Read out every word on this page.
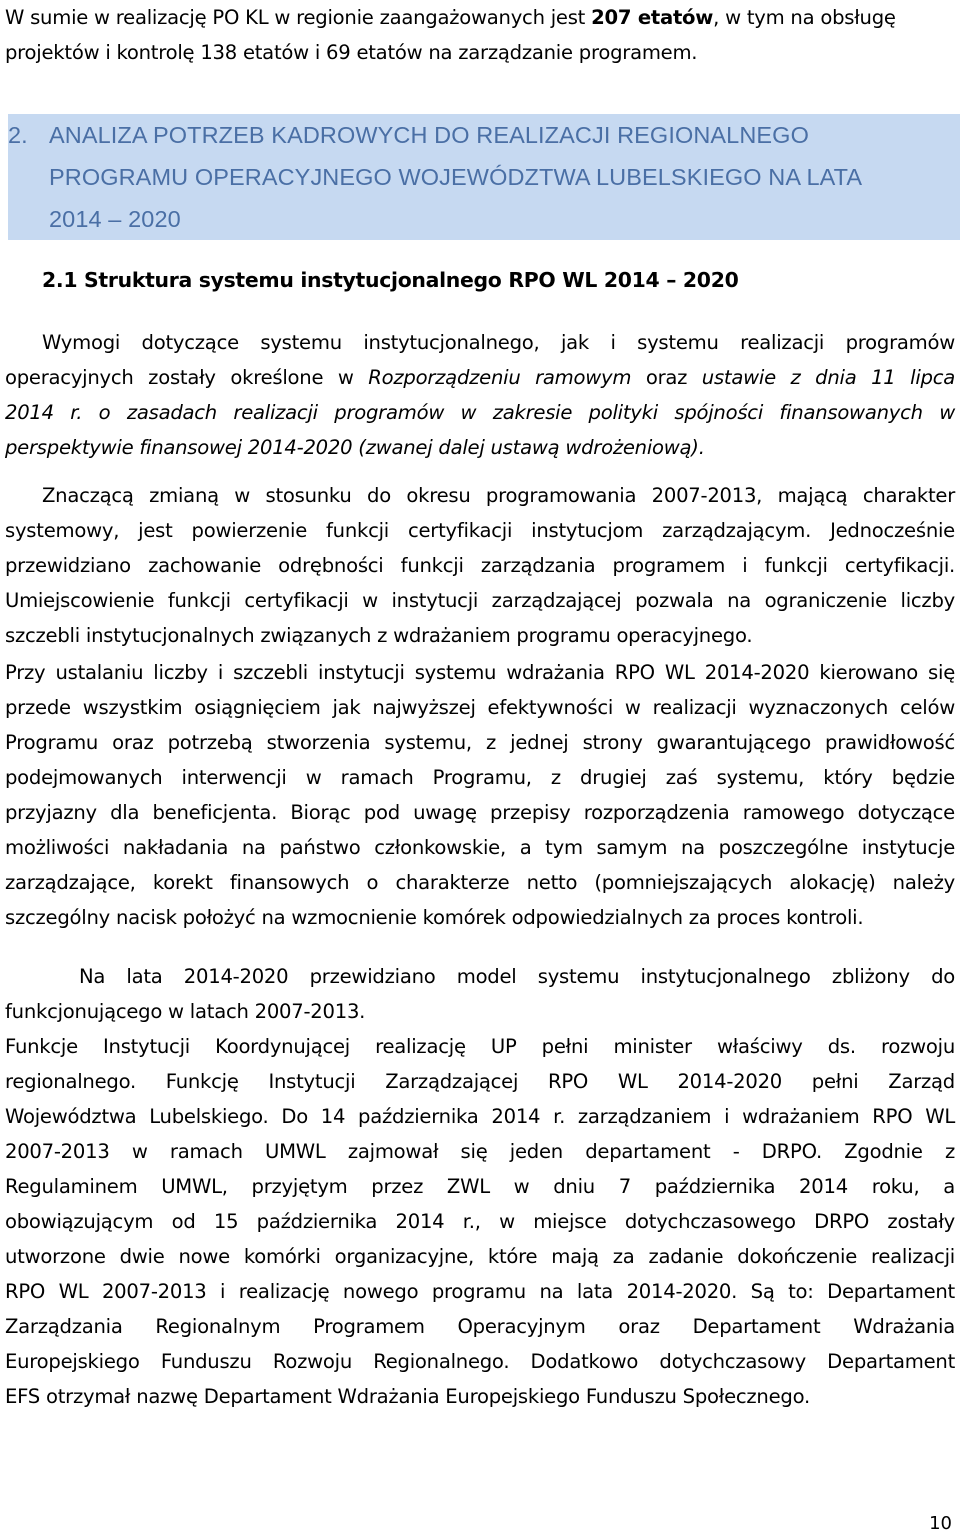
W sumie w realizację PO KL w regionie zaangażowanych jest 207 etatów, w tym na obsługę
projektów i kontrolę 138 etatów i 69 etatów na zarządzanie programem.
2. ANALIZA POTRZEB KADROWYCH DO REALIZACJI REGIONALNEGO
PROGRAMU OPERACYJNEGO WOJEWÓDZTWA LUBELSKIEGO NA LATA
2014 – 2020
2.1 Struktura systemu instytucjonalnego RPO WL 2014 – 2020
Wymogi dotyczące systemu instytucjonalnego, jak i systemu realizacji programów
operacyjnych zostały określone w Rozporządzeniu ramowym oraz ustawie z dnia 11 lipca
2014 r. o zasadach realizacji programów w zakresie polityki spójności finansowanych w
perspektywie finansowej 2014-2020 (zwanej dalej ustawą wdrożeniową).
Znaczącą zmianą w stosunku do okresu programowania 2007-2013, mającą charakter
systemowy, jest powierzenie funkcji certyfikacji instytucjom zarządzającym. Jednocześnie
przewidziano zachowanie odrębności funkcji zarządzania programem i funkcji certyfikacji.
Umiejscowienie funkcji certyfikacji w instytucji zarządzającej pozwala na ograniczenie liczby
szczebli instytucjonalnych związanych z wdrażaniem programu operacyjnego.
Przy ustalaniu liczby i szczebli instytucji systemu wdrażania RPO WL 2014-2020 kierowano się
przede wszystkim osiągnięciem jak najwyższej efektywności w realizacji wyznaczonych celów
Programu oraz potrzebą stworzenia systemu, z jednej strony gwarantującego prawidłowość
podejmowanych interwencji w ramach Programu, z drugiej zaś systemu, który będzie
przyjazny dla beneficjenta. Biorąc pod uwagę przepisy rozporządzenia ramowego dotyczące
możliwości nakładania na państwo członkowskie, a tym samym na poszczególne instytucje
zarządzające, korekt finansowych o charakterze netto (pomniejszających alokację) należy
szczególny nacisk położyć na wzmocnienie komórek odpowiedzialnych za proces kontroli.
Na lata 2014-2020 przewidziano model systemu instytucjonalnego zbliżony do
funkcjonującego w latach 2007-2013.
Funkcje Instytucji Koordynującej realizację UP pełni minister właściwy ds. rozwoju
regionalnego. Funkcję Instytucji Zarządzającej RPO WL 2014-2020 pełni Zarząd
Województwa Lubelskiego. Do 14 października 2014 r. zarządzaniem i wdrażaniem RPO WL
2007-2013 w ramach UMWL zajmował się jeden departament - DRPO. Zgodnie z
Regulaminem UMWL, przyjętym przez ZWL w dniu 7 października 2014 roku, a
obowiązującym od 15 października 2014 r., w miejsce dotychczasowego DRPO zostały
utworzone dwie nowe komórki organizacyjne, które mają za zadanie dokończenie realizacji
RPO WL 2007-2013 i realizację nowego programu na lata 2014-2020. Są to: Departament
Zarządzania Regionalnym Programem Operacyjnym oraz Departament Wdrażania
Europejskiego Funduszu Rozwoju Regionalnego. Dodatkowo dotychczasowy Departament
EFS otrzymał nazwę Departament Wdrażania Europejskiego Funduszu Społecznego.
10
